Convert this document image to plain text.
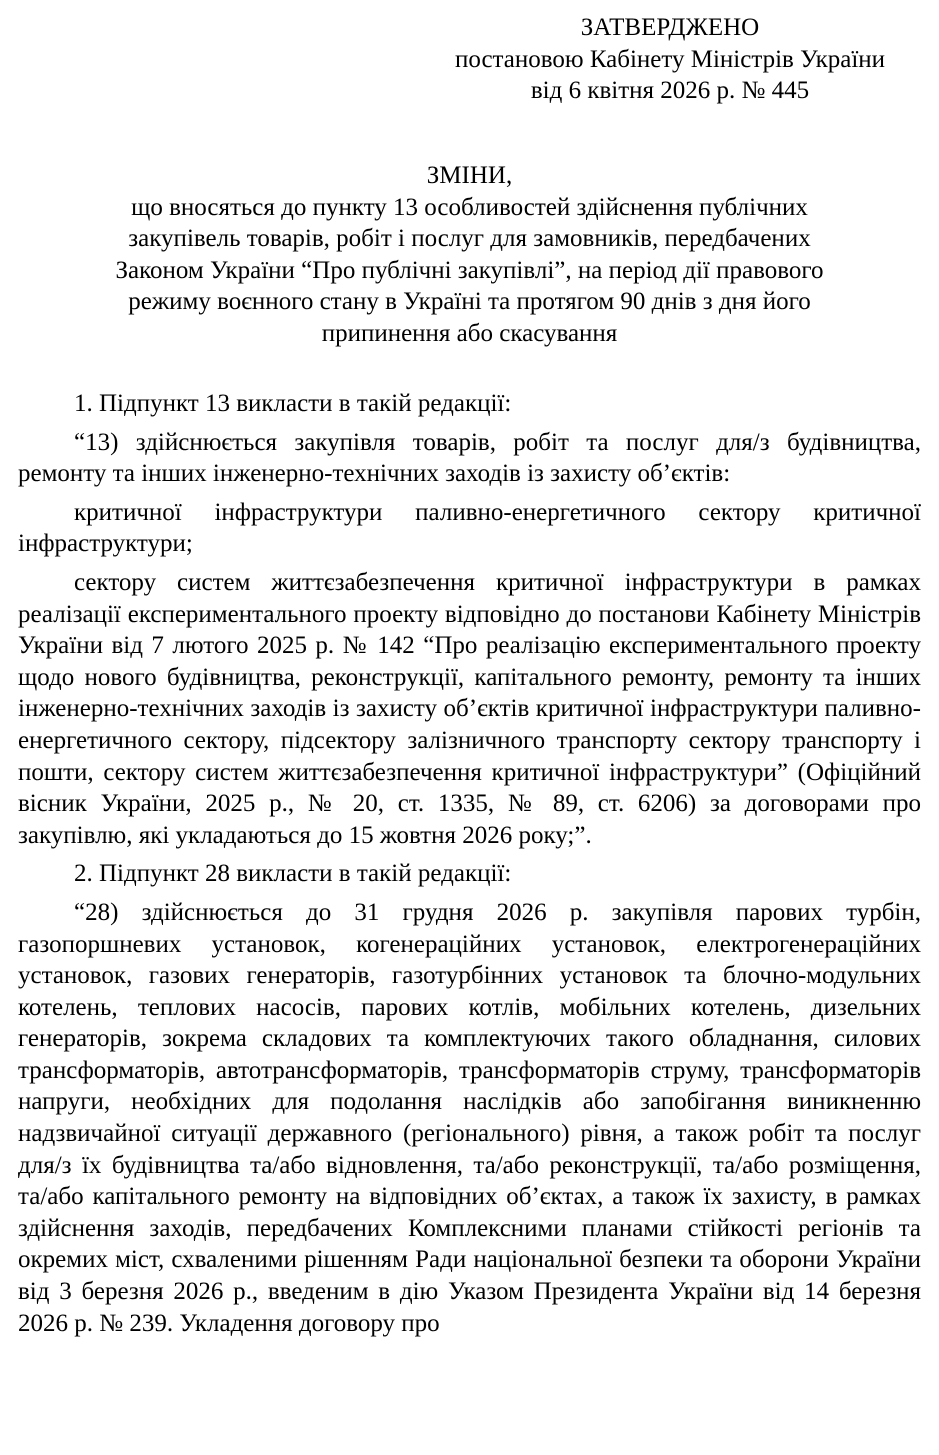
ЗАТВЕРДЖЕНО
постановою Кабінету Міністрів України
від 6 квітня 2026 р. № 445
ЗМІНИ,
що вносяться до пункту 13 особливостей здійснення публічних
закупівель товарів, робіт і послуг для замовників, передбачених
Законом України “Про публічні закупівлі”, на період дії правового
режиму воєнного стану в Україні та протягом 90 днів з дня його
припинення або скасування

1. Підпункт 13 викласти в такій редакції:

“13) здійснюється закупівля товарів, робіт та послуг для/з будівництва, ремонту та інших інженерно-технічних заходів із захисту об’єктів:

критичної інфраструктури паливно-енергетичного сектору критичної інфраструктури;

сектору систем життєзабезпечення критичної інфраструктури в рамках реалізації експериментального проекту відповідно до постанови Кабінету Міністрів України від 7 лютого 2025 р. № 142 “Про реалізацію експериментального проекту щодо нового будівництва, реконструкції, капітального ремонту, ремонту та інших інженерно-технічних заходів із захисту об’єктів критичної інфраструктури паливно-енергетичного сектору, підсектору залізничного транспорту сектору транспорту і пошти, сектору систем життєзабезпечення критичної інфраструктури” (Офіційний вісник України, 2025 р., № 20, ст. 1335, № 89, ст. 6206) за договорами про закупівлю, які укладаються до 15 жовтня 2026 року;”.

2. Підпункт 28 викласти в такій редакції:

“28) здійснюється до 31 грудня 2026 р. закупівля парових турбін, газопоршневих установок, когенераційних установок, електрогенераційних установок, газових генераторів, газотурбінних установок та блочно-модульних котелень, теплових насосів, парових котлів, мобільних котелень, дизельних генераторів, зокрема складових та комплектуючих такого обладнання, силових трансформаторів, автотрансформаторів, трансформаторів струму, трансформаторів напруги, необхідних для подолання наслідків або запобігання виникненню надзвичайної ситуації державного (регіонального) рівня, а також робіт та послуг для/з їх будівництва та/або відновлення, та/або реконструкції, та/або розміщення, та/або капітального ремонту на відповідних об’єктах, а також їх захисту, в рамках здійснення заходів, передбачених Комплексними планами стійкості регіонів та окремих міст, схваленими рішенням Ради національної безпеки та оборони України від 3 березня 2026 р., введеним в дію Указом Президента України від 14 березня 2026 р. № 239. Укладення договору про
